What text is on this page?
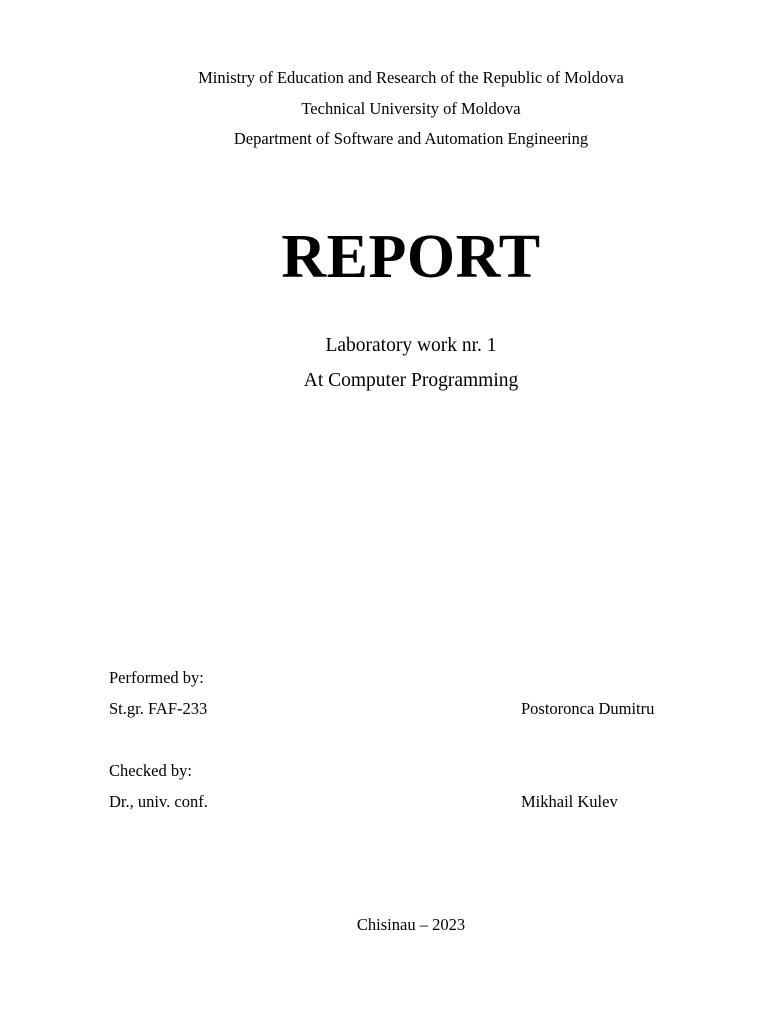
Ministry of Education and Research of the Republic of Moldova
Technical University of Moldova
Department of Software and Automation Engineering
REPORT
Laboratory work nr. 1
At Computer Programming
Performed by:
St.gr. FAF-233	Postoronca Dumitru
Checked by:
Dr., univ. conf.	Mikhail Kulev
Chisinau – 2023
